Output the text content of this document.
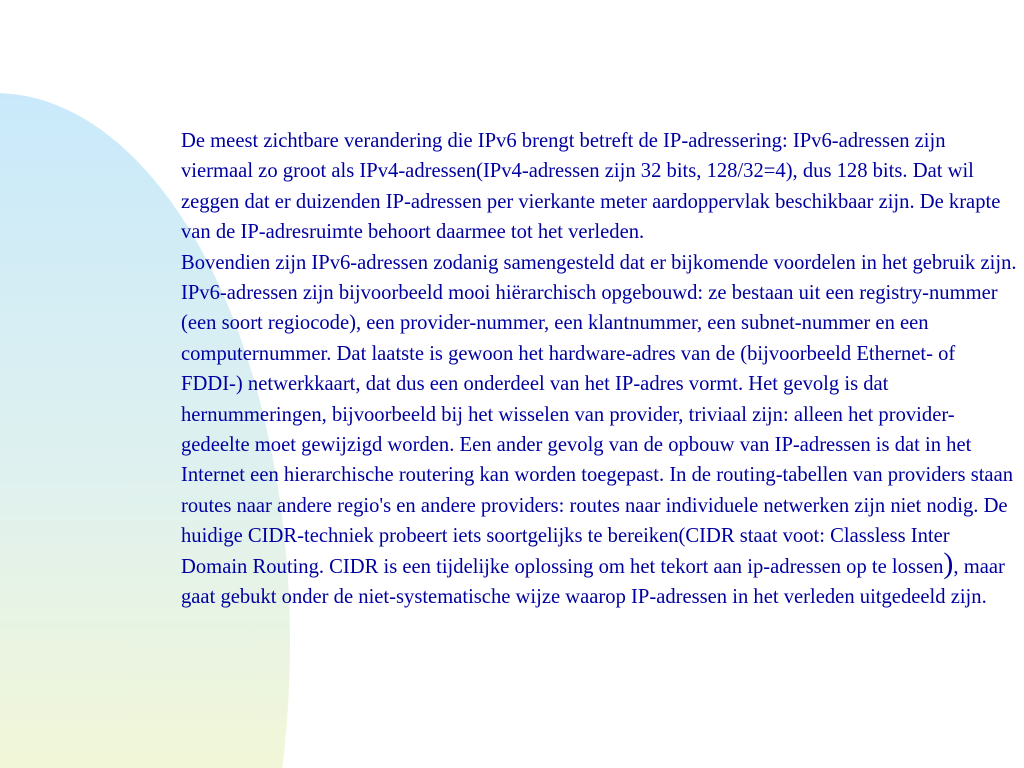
De meest zichtbare verandering die IPv6 brengt betreft de IP-adressering: IPv6-adressen zijn viermaal zo groot als IPv4-adressen(IPv4-adressen zijn 32 bits, 128/32=4), dus 128 bits. Dat wil zeggen dat er duizenden IP-adressen per vierkante meter aardoppervlak beschikbaar zijn. De krapte van de IP-adresruimte behoort daarmee tot het verleden.

Bovendien zijn IPv6-adressen zodanig samengesteld dat er bijkomende voordelen in het gebruik zijn. IPv6-adressen zijn bijvoorbeeld mooi hiërarchisch opgebouwd: ze bestaan uit een registry-nummer (een soort regiocode), een provider-nummer, een klantnummer, een subnet-nummer en een computernummer. Dat laatste is gewoon het hardware-adres van de (bijvoorbeeld Ethernet- of FDDI-) netwerkkaart, dat dus een onderdeel van het IP-adres vormt. Het gevolg is dat hernummeringen, bijvoorbeeld bij het wisselen van provider, triviaal zijn: alleen het provider- gedeelte moet gewijzigd worden. Een ander gevolg van de opbouw van IP-adressen is dat in het Internet een hierarchische routering kan worden toegepast. In de routing-tabellen van providers staan routes naar andere regio's en andere providers: routes naar individuele netwerken zijn niet nodig. De huidige CIDR-techniek probeert iets soortgelijks te bereiken(CIDR staat voot: Classless Inter Domain Routing. CIDR is een tijdelijke oplossing om het tekort aan ip-adressen op te lossen), maar gaat gebukt onder de niet-systematische wijze waarop IP-adressen in het verleden uitgedeeld zijn.
